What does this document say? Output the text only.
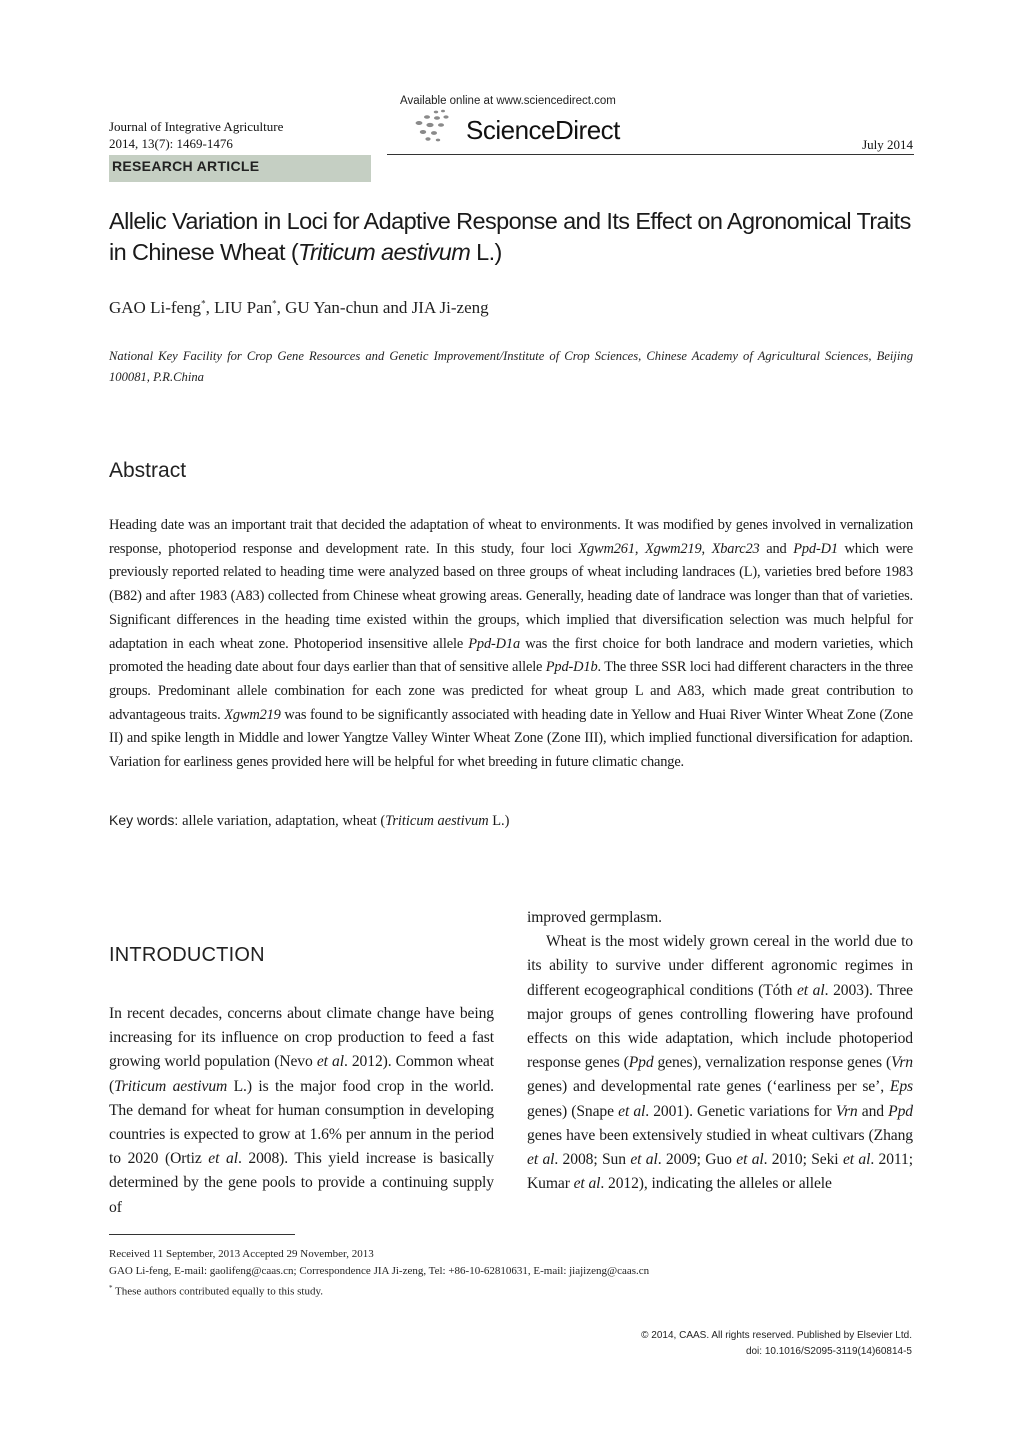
Available online at www.sciencedirect.com
Journal of Integrative Agriculture
2014, 13(7): 1469-1476	ScienceDirect	July 2014
RESEARCH ARTICLE
Allelic Variation in Loci for Adaptive Response and Its Effect on Agronomical Traits in Chinese Wheat (Triticum aestivum L.)
GAO Li-feng*, LIU Pan*, GU Yan-chun and JIA Ji-zeng
National Key Facility for Crop Gene Resources and Genetic Improvement/Institute of Crop Sciences, Chinese Academy of Agricultural Sciences, Beijing 100081, P.R.China
Abstract
Heading date was an important trait that decided the adaptation of wheat to environments. It was modified by genes involved in vernalization response, photoperiod response and development rate. In this study, four loci Xgwm261, Xgwm219, Xbarc23 and Ppd-D1 which were previously reported related to heading time were analyzed based on three groups of wheat including landraces (L), varieties bred before 1983 (B82) and after 1983 (A83) collected from Chinese wheat growing areas. Generally, heading date of landrace was longer than that of varieties. Significant differences in the heading time existed within the groups, which implied that diversification selection was much helpful for adaptation in each wheat zone. Photoperiod insensitive allele Ppd-D1a was the first choice for both landrace and modern varieties, which promoted the heading date about four days earlier than that of sensitive allele Ppd-D1b. The three SSR loci had different characters in the three groups. Predominant allele combination for each zone was predicted for wheat group L and A83, which made great contribution to advantageous traits. Xgwm219 was found to be significantly associated with heading date in Yellow and Huai River Winter Wheat Zone (Zone II) and spike length in Middle and lower Yangtze Valley Winter Wheat Zone (Zone III), which implied functional diversification for adaption. Variation for earliness genes provided here will be helpful for whet breeding in future climatic change.
Key words: allele variation, adaptation, wheat (Triticum aestivum L.)
INTRODUCTION

In recent decades, concerns about climate change have being increasing for its influence on crop production to feed a fast growing world population (Nevo et al. 2012). Common wheat (Triticum aestivum L.) is the major food crop in the world. The demand for wheat for human consumption in developing countries is expected to grow at 1.6% per annum in the period to 2020 (Ortiz et al. 2008). This yield increase is basically determined by the gene pools to provide a continuing supply of

improved germplasm.

Wheat is the most widely grown cereal in the world due to its ability to survive under different agronomic regimes in different ecogeographical conditions (Tóth et al. 2003). Three major groups of genes controlling flowering have profound effects on this wide adaptation, which include photoperiod response genes (Ppd genes), vernalization response genes (Vrn genes) and developmental rate genes (‘earliness per se’, Eps genes) (Snape et al. 2001). Genetic variations for Vrn and Ppd genes have been extensively studied in wheat cultivars (Zhang et al. 2008; Sun et al. 2009; Guo et al. 2010; Seki et al. 2011; Kumar et al. 2012), indicating the alleles or allele

Received 11 September, 2013 Accepted 29 November, 2013
GAO Li-feng, E-mail: gaolifeng@caas.cn; Correspondence JIA Ji-zeng, Tel: +86-10-62810631, E-mail: jiajizeng@caas.cn
* These authors contributed equally to this study.
© 2014, CAAS. All rights reserved. Published by Elsevier Ltd.
doi: 10.1016/S2095-3119(14)60814-5
